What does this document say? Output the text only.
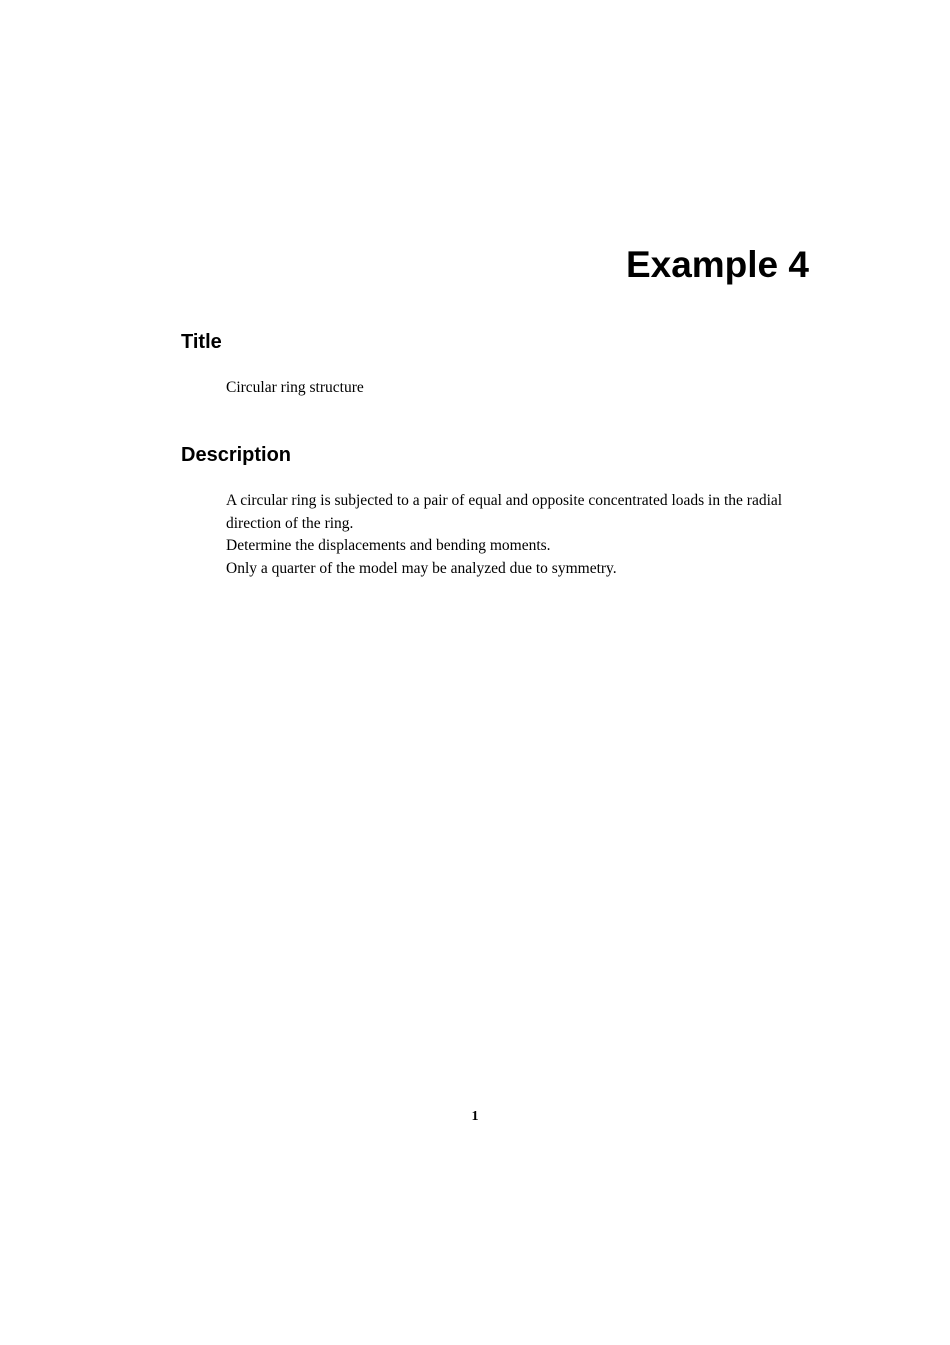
Example 4
Title

Circular ring structure

Description

A circular ring is subjected to a pair of equal and opposite concentrated loads in the radial direction of the ring.
Determine the displacements and bending moments.
Only a quarter of the model may be analyzed due to symmetry.

1
